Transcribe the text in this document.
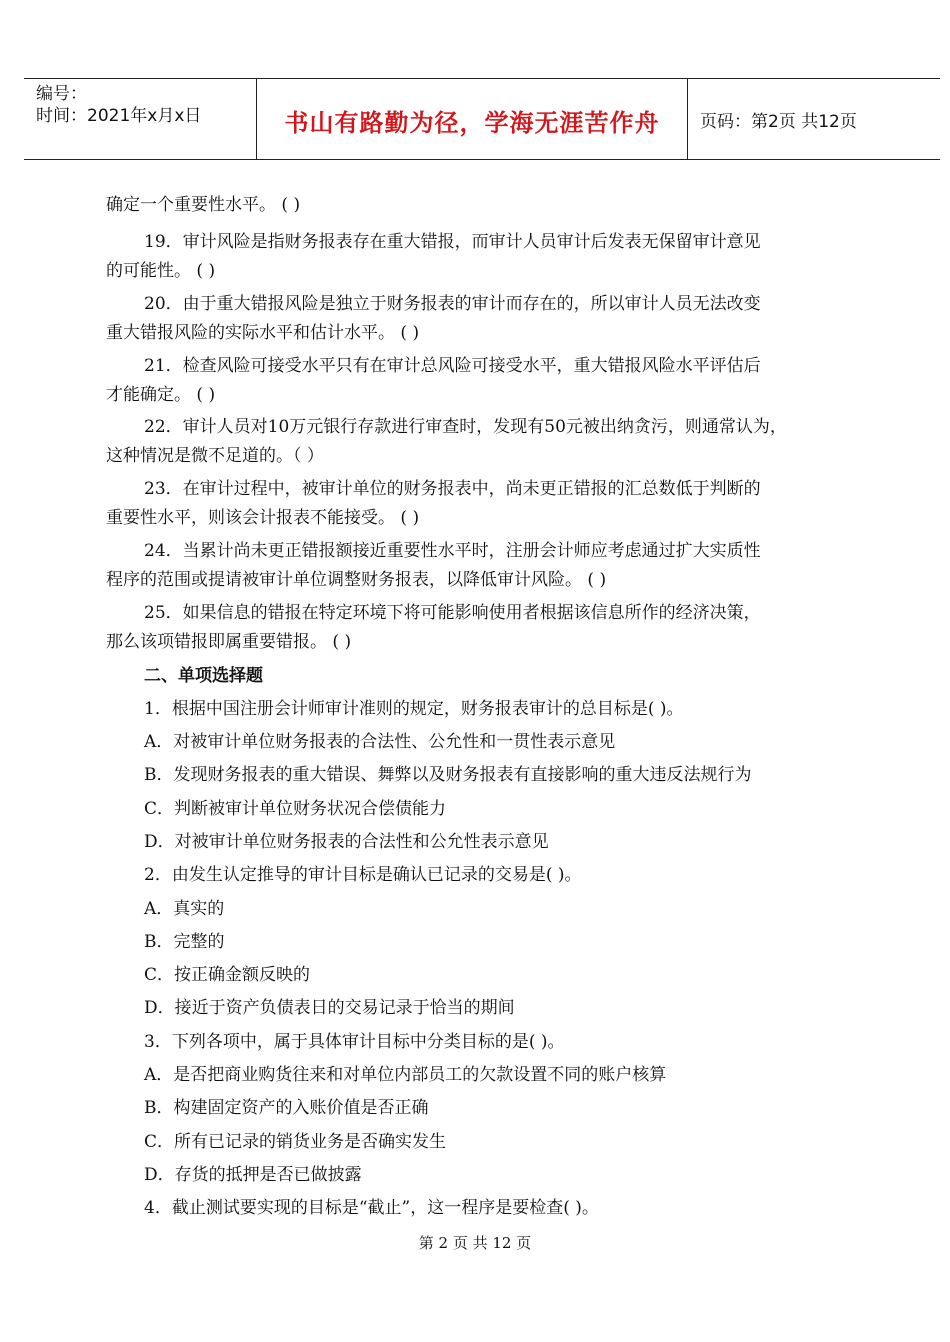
编号：
时间：2021年x月x日	书山有路勤为径，学海无涯苦作舟	页码：第2页 共12页
确定一个重要性水平。 ( )
19．审计风险是指财务报表存在重大错报，而审计人员审计后发表无保留审计意见
的可能性。 ( )
20．由于重大错报风险是独立于财务报表的审计而存在的，所以审计人员无法改变
重大错报风险的实际水平和估计水平。 ( )
21．检查风险可接受水平只有在审计总风险可接受水平，重大错报风险水平评估后
才能确定。 ( )
22．审计人员对10万元银行存款进行审查时，发现有50元被出纳贪污，则通常认为，
这种情况是微不足道的。（ ）
23．在审计过程中，被审计单位的财务报表中，尚未更正错报的汇总数低于判断的
重要性水平，则该会计报表不能接受。 ( )
24．当累计尚未更正错报额接近重要性水平时，注册会计师应考虑通过扩大实质性
程序的范围或提请被审计单位调整财务报表，以降低审计风险。 ( )
25．如果信息的错报在特定环境下将可能影响使用者根据该信息所作的经济决策，
那么该项错报即属重要错报。 ( )
二、单项选择题
1．根据中国注册会计师审计准则的规定，财务报表审计的总目标是( )。
A．对被审计单位财务报表的合法性、公允性和一贯性表示意见
B．发现财务报表的重大错误、舞弊以及财务报表有直接影响的重大违反法规行为
C．判断被审计单位财务状况合偿债能力
D．对被审计单位财务报表的合法性和公允性表示意见
2．由发生认定推导的审计目标是确认已记录的交易是( )。
A．真实的
B．完整的
C．按正确金额反映的
D．接近于资产负债表日的交易记录于恰当的期间
3．下列各项中，属于具体审计目标中分类目标的是( )。
A．是否把商业购货往来和对单位内部员工的欠款设置不同的账户核算
B．构建固定资产的入账价值是否正确
C．所有已记录的销货业务是否确实发生
D．存货的抵押是否已做披露
4．截止测试要实现的目标是“截止”，这一程序是要检查( )。
第 2 页 共 12 页
